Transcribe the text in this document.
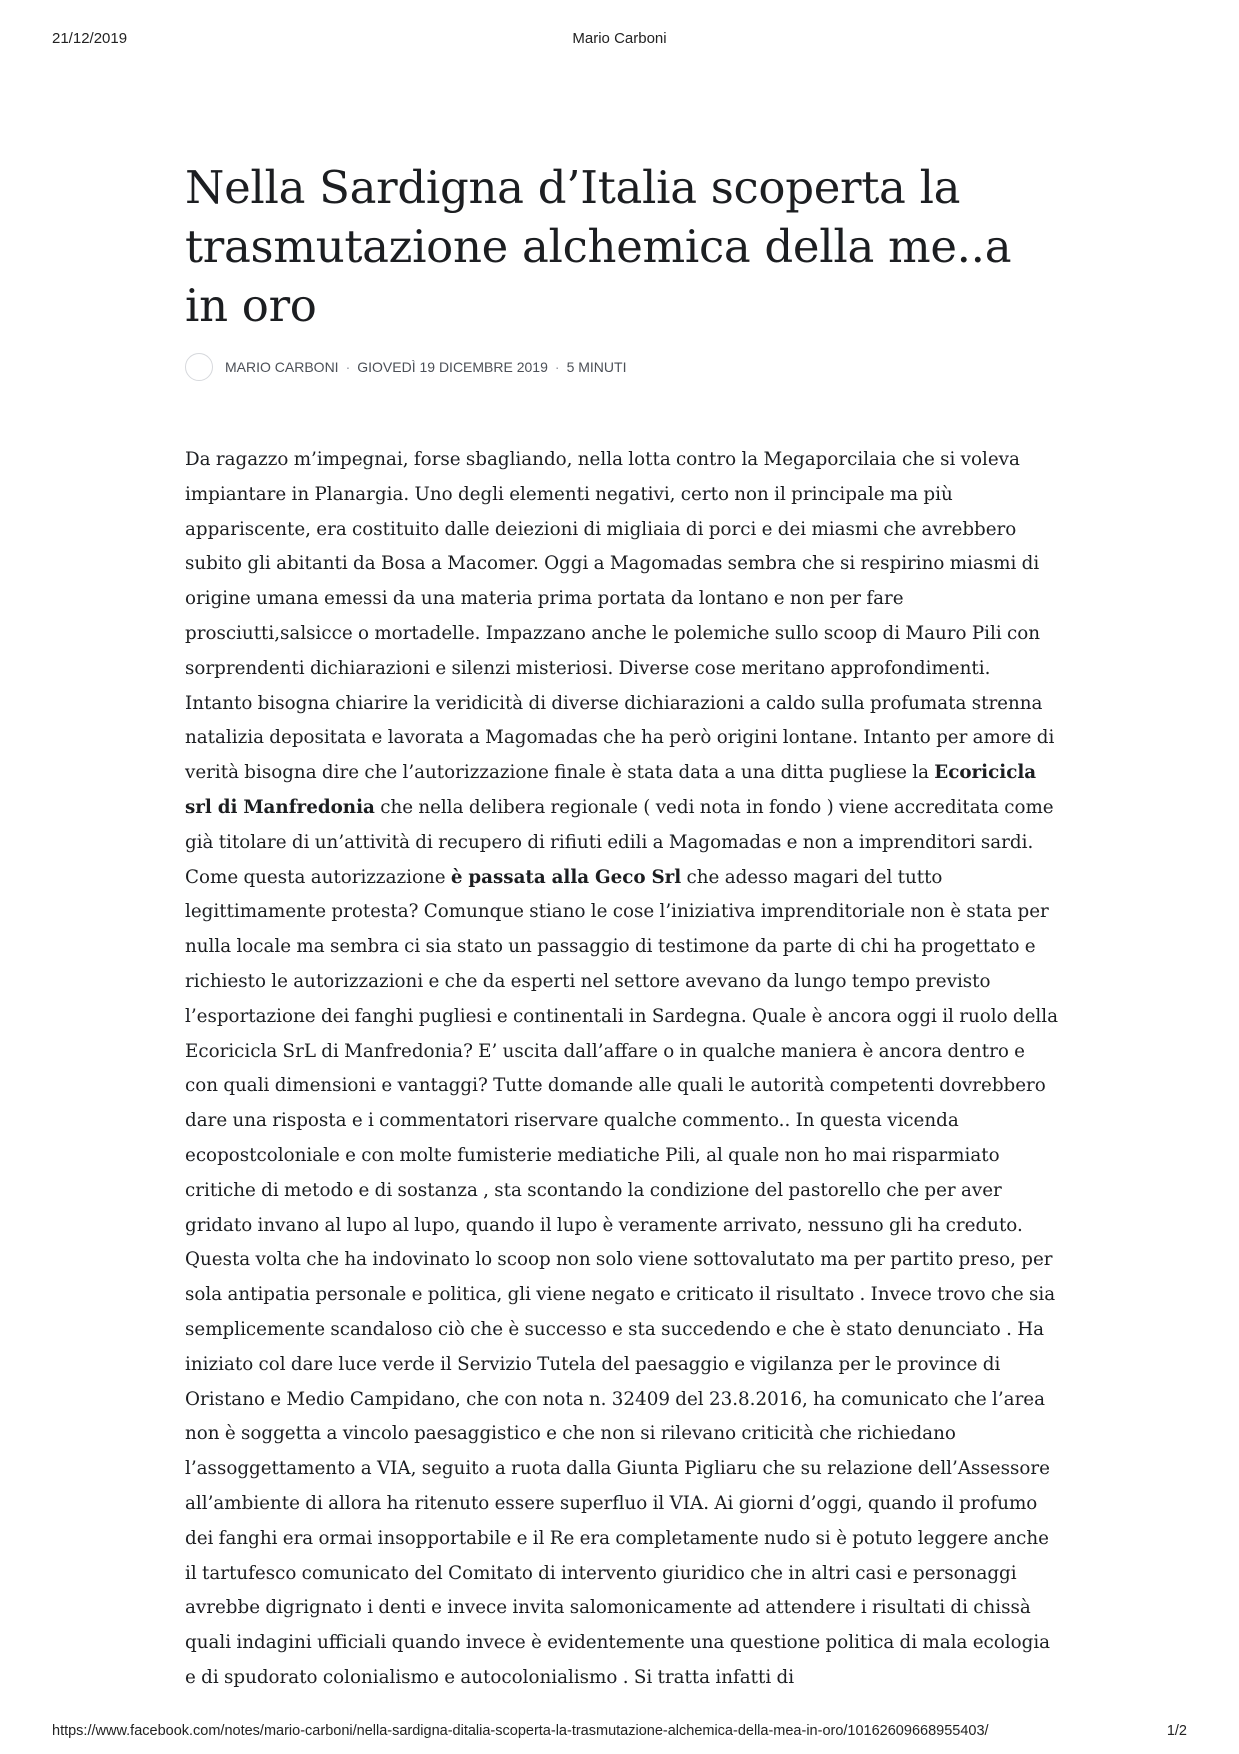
21/12/2019	Mario Carboni
Nella Sardigna d’Italia scoperta la trasmutazione alchemica della me..a in oro
MARIO CARBONI · GIOVEDÌ 19 DICEMBRE 2019 · 5 MINUTI

Da ragazzo m’impegnai, forse sbagliando, nella lotta contro la Megaporcilaia che si voleva impiantare in Planargia. Uno degli elementi negativi, certo non il principale ma più appariscente, era costituito dalle deiezioni di migliaia di porci e dei miasmi che avrebbero subito gli abitanti da Bosa a Macomer. Oggi a Magomadas sembra che si respirino miasmi di origine umana emessi da una materia prima portata da lontano e non per fare prosciutti,salsicce o mortadelle. Impazzano anche le polemiche sullo scoop di Mauro Pili con sorprendenti dichiarazioni e silenzi misteriosi. Diverse cose meritano approfondimenti. Intanto bisogna chiarire la veridicità di diverse dichiarazioni a caldo sulla profumata strenna natalizia depositata e lavorata a Magomadas che ha però origini lontane. Intanto per amore di verità bisogna dire che l’autorizzazione finale è stata data a una ditta pugliese la Ecoricicla srl di Manfredonia che nella delibera regionale ( vedi nota in fondo ) viene accreditata come già titolare di un’attività di recupero di rifiuti edili a Magomadas e non a imprenditori sardi. Come questa autorizzazione è passata alla Geco Srl che adesso magari del tutto legittimamente protesta? Comunque stiano le cose l’iniziativa imprenditoriale non è stata per nulla locale ma sembra ci sia stato un passaggio di testimone da parte di chi ha progettato e richiesto le autorizzazioni e che da esperti nel settore avevano da lungo tempo previsto l’esportazione dei fanghi pugliesi e continentali in Sardegna. Quale è ancora oggi il ruolo della Ecoricicla SrL di Manfredonia? E’ uscita dall’affare o in qualche maniera è ancora dentro e con quali dimensioni e vantaggi? Tutte domande alle quali le autorità competenti dovrebbero dare una risposta e i commentatori riservare qualche commento.. In questa vicenda ecopostcoloniale e con molte fumisterie mediatiche Pili, al quale non ho mai risparmiato critiche di metodo e di sostanza , sta scontando la condizione del pastorello che per aver gridato invano al lupo al lupo, quando il lupo è veramente arrivato, nessuno gli ha creduto. Questa volta che ha indovinato lo scoop non solo viene sottovalutato ma per partito preso, per sola antipatia personale e politica, gli viene negato e criticato il risultato . Invece trovo che sia semplicemente scandaloso ciò che è successo e sta succedendo e che è stato denunciato . Ha iniziato col dare luce verde il Servizio Tutela del paesaggio e vigilanza per le province di Oristano e Medio Campidano, che con nota n. 32409 del 23.8.2016, ha comunicato che l’area non è soggetta a vincolo paesaggistico e che non si rilevano criticità che richiedano l’assoggettamento a VIA, seguito a ruota dalla Giunta Pigliaru che su relazione dell’Assessore all’ambiente di allora ha ritenuto essere superfluo il VIA. Ai giorni d’oggi, quando il profumo dei fanghi era ormai insopportabile e il Re era completamente nudo si è potuto leggere anche il tartufesco comunicato del Comitato di intervento giuridico che in altri casi e personaggi avrebbe digrignato i denti e invece invita salomonicamente ad attendere i risultati di chissà quali indagini ufficiali quando invece è evidentemente una questione politica di mala ecologia e di spudorato colonialismo e autocolonialismo . Si tratta infatti di

https://www.facebook.com/notes/mario-carboni/nella-sardigna-ditalia-scoperta-la-trasmutazione-alchemica-della-mea-in-oro/10162609668955403/	1/2
